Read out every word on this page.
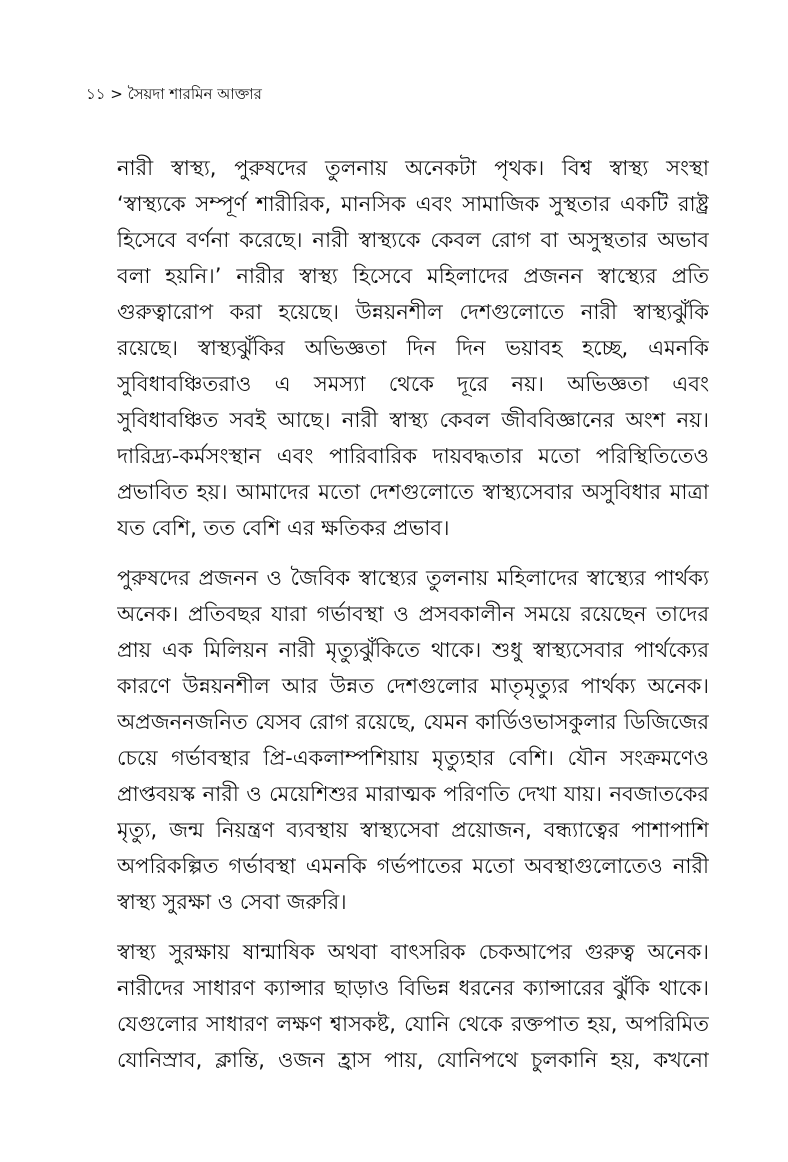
১১ > সৈয়দা শারমিন আক্তার
নারী স্বাস্থ্য, পুরুষদের তুলনায় অনেকটা পৃথক। বিশ্ব স্বাস্থ্য সংস্থা
‘স্বাস্থ্যকে সম্পূর্ণ শারীরিক, মানসিক এবং সামাজিক সুস্থতার একটি রাষ্ট্র
হিসেবে বর্ণনা করেছে। নারী স্বাস্থ্যকে কেবল রোগ বা অসুস্থতার অভাব
বলা হয়নি।’ নারীর স্বাস্থ্য হিসেবে মহিলাদের প্রজনন স্বাস্থ্যের প্রতি
গুরুত্বারোপ করা হয়েছে। উন্নয়নশীল দেশগুলোতে নারী স্বাস্থ্যঝুঁকি
রয়েছে। স্বাস্থ্যঝুঁকির অভিজ্ঞতা দিন দিন ভয়াবহ হচ্ছে, এমনকি
সুবিধাবঞ্চিতরাও এ সমস্যা থেকে দূরে নয়। অভিজ্ঞতা এবং
সুবিধাবঞ্চিত সবই আছে। নারী স্বাস্থ্য কেবল জীববিজ্ঞানের অংশ নয়।
দারিদ্র্য-কর্মসংস্থান এবং পারিবারিক দায়বদ্ধতার মতো পরিস্থিতিতেও
প্রভাবিত হয়। আমাদের মতো দেশগুলোতে স্বাস্থ্যসেবার অসুবিধার মাত্রা
যত বেশি, তত বেশি এর ক্ষতিকর প্রভাব।
পুরুষদের প্রজনন ও জৈবিক স্বাস্থ্যের তুলনায় মহিলাদের স্বাস্থ্যের পার্থক্য
অনেক। প্রতিবছর যারা গর্ভাবস্থা ও প্রসবকালীন সময়ে রয়েছেন তাদের
প্রায় এক মিলিয়ন নারী মৃত্যুঝুঁকিতে থাকে। শুধু স্বাস্থ্যসেবার পার্থক্যের
কারণে উন্নয়নশীল আর উন্নত দেশগুলোর মাতৃমৃত্যুর পার্থক্য অনেক।
অপ্রজননজনিত যেসব রোগ রয়েছে, যেমন কার্ডিওভাসকুলার ডিজিজের
চেয়ে গর্ভাবস্থার প্রি-একলাম্পশিয়ায় মৃত্যুহার বেশি। যৌন সংক্রমণেও
প্রাপ্তবয়স্ক নারী ও মেয়েশিশুর মারাত্মক পরিণতি দেখা যায়। নবজাতকের
মৃত্যু, জন্ম নিয়ন্ত্রণ ব্যবস্থায় স্বাস্থ্যসেবা প্রয়োজন, বন্ধ্যাত্বের পাশাপাশি
অপরিকল্পিত গর্ভাবস্থা এমনকি গর্ভপাতের মতো অবস্থাগুলোতেও নারী
স্বাস্থ্য সুরক্ষা ও সেবা জরুরি।
স্বাস্থ্য সুরক্ষায় ষান্মাষিক অথবা বাৎসরিক চেকআপের গুরুত্ব অনেক।
নারীদের সাধারণ ক্যান্সার ছাড়াও বিভিন্ন ধরনের ক্যান্সারের ঝুঁকি থাকে।
যেগুলোর সাধারণ লক্ষণ শ্বাসকষ্ট, যোনি থেকে রক্তপাত হয়, অপরিমিত
যোনিস্রাব, ক্লান্তি, ওজন হ্রাস পায়, যোনিপথে চুলকানি হয়, কখনো
